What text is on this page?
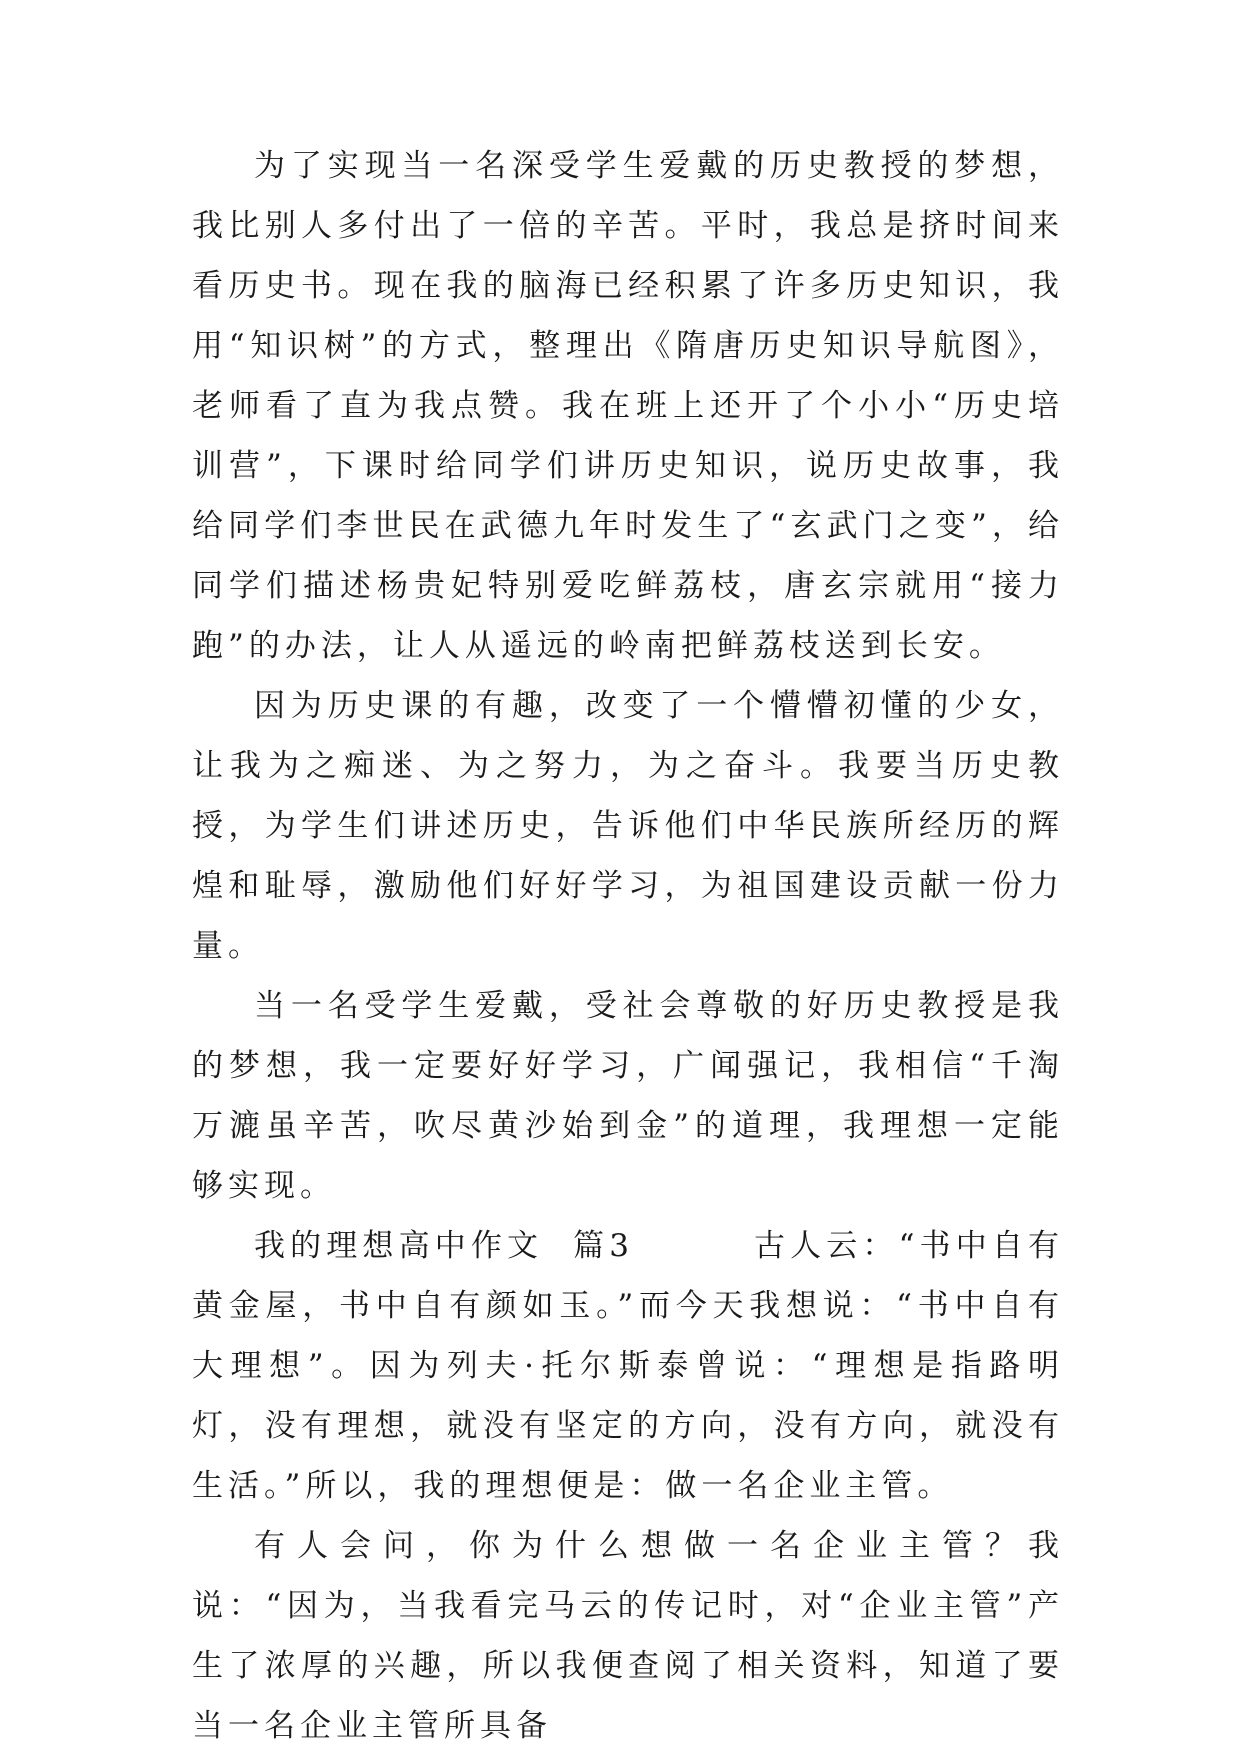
为了实现当一名深受学生爱戴的历史教授的梦想，我比别人多付出了一倍的辛苦。平时，我总是挤时间来看历史书。现在我的脑海已经积累了许多历史知识，我用“知识树”的方式，整理出《隋唐历史知识导航图》，老师看了直为我点赞。我在班上还开了个小小“历史培训营”，下课时给同学们讲历史知识，说历史故事，我给同学们李世民在武德九年时发生了“玄武门之变”，给同学们描述杨贵妃特别爱吃鲜荔枝，唐玄宗就用“接力跑”的办法，让人从遥远的岭南把鲜荔枝送到长安。

因为历史课的有趣，改变了一个懵懵初懂的少女，让我为之痴迷、为之努力，为之奋斗。我要当历史教授，为学生们讲述历史，告诉他们中华民族所经历的辉煌和耻辱，激励他们好好学习，为祖国建设贡献一份力量。

当一名受学生爱戴，受社会尊敬的好历史教授是我的梦想，我一定要好好学习，广闻强记，我相信“千淘万漉虽辛苦，吹尽黄沙始到金”的道理，我理想一定能够实现。

我的理想高中作文  篇3        古人云：“书中自有黄金屋，书中自有颜如玉。”而今天我想说：“书中自有大理想”。因为列夫·托尔斯泰曾说：“理想是指路明灯，没有理想，就没有坚定的方向，没有方向，就没有生活。”所以，我的理想便是：做一名企业主管。

有人会问，你为什么想做一名企业主管？我说：“因为，当我看完马云的传记时，对“企业主管”产生了浓厚的兴趣，所以我便查阅了相关资料，知道了要当一名企业主管所具备
